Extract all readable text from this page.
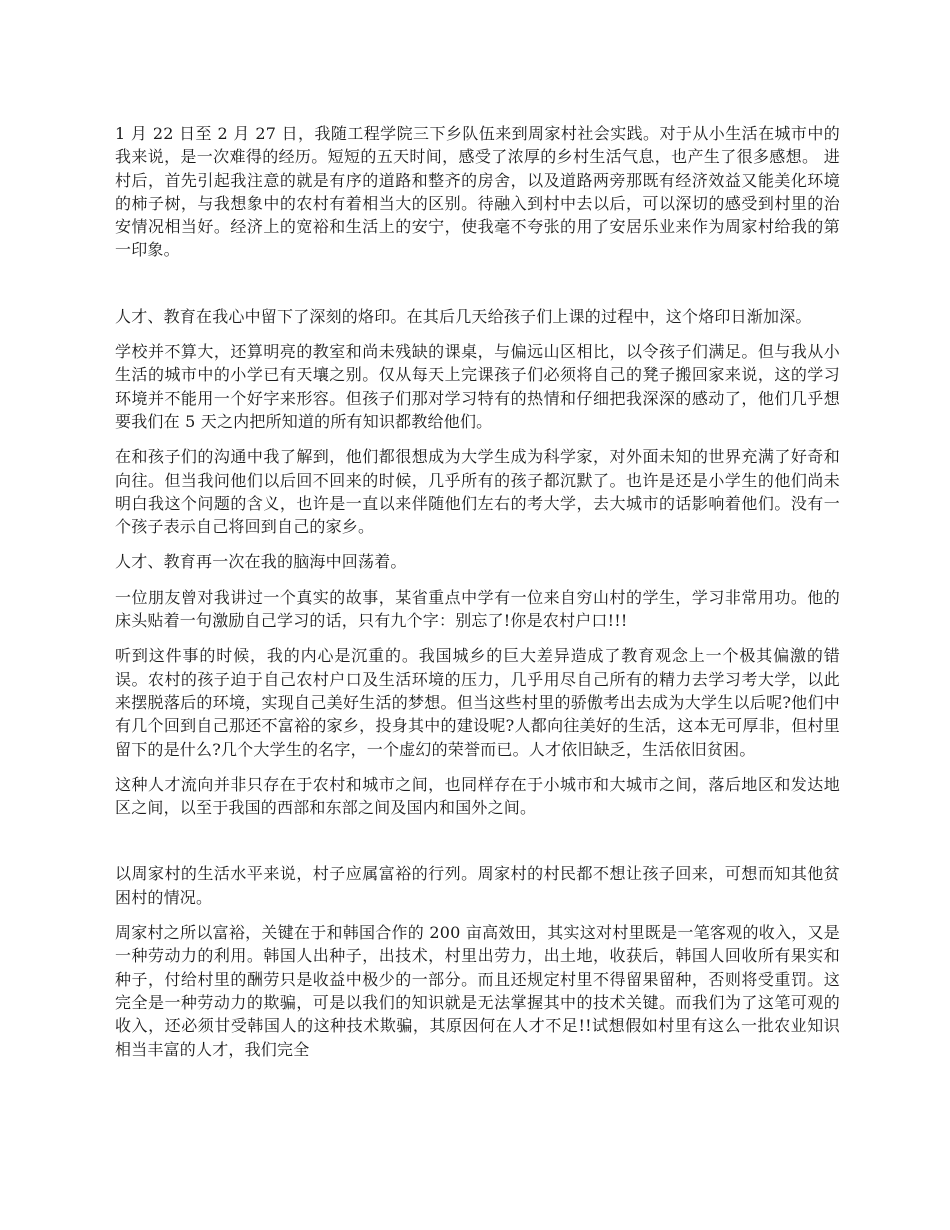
1 月 22 日至 2 月 27 日，我随工程学院三下乡队伍来到周家村社会实践。对于从小生活在城市中的我来说，是一次难得的经历。短短的五天时间，感受了浓厚的乡村生活气息，也产生了很多感想。 进村后，首先引起我注意的就是有序的道路和整齐的房舍，以及道路两旁那既有经济效益又能美化环境的柿子树，与我想象中的农村有着相当大的区别。待融入到村中去以后，可以深切的感受到村里的治安情况相当好。经济上的宽裕和生活上的安宁，使我毫不夸张的用了安居乐业来作为周家村给我的第一印象。

人才、教育在我心中留下了深刻的烙印。在其后几天给孩子们上课的过程中，这个烙印日渐加深。

学校并不算大，还算明亮的教室和尚未残缺的课桌，与偏远山区相比，以令孩子们满足。但与我从小生活的城市中的小学已有天壤之别。仅从每天上完课孩子们必须将自己的凳子搬回家来说，这的学习环境并不能用一个好字来形容。但孩子们那对学习特有的热情和仔细把我深深的感动了，他们几乎想要我们在 5 天之内把所知道的所有知识都教给他们。

在和孩子们的沟通中我了解到，他们都很想成为大学生成为科学家，对外面未知的世界充满了好奇和向往。但当我问他们以后回不回来的时候，几乎所有的孩子都沉默了。也许是还是小学生的他们尚未明白我这个问题的含义，也许是一直以来伴随他们左右的考大学，去大城市的话影响着他们。没有一个孩子表示自己将回到自己的家乡。

人才、教育再一次在我的脑海中回荡着。

一位朋友曾对我讲过一个真实的故事，某省重点中学有一位来自穷山村的学生，学习非常用功。他的床头贴着一句激励自己学习的话，只有九个字：别忘了!你是农村户口!!!

听到这件事的时候，我的内心是沉重的。我国城乡的巨大差异造成了教育观念上一个极其偏激的错误。农村的孩子迫于自己农村户口及生活环境的压力，几乎用尽自己所有的精力去学习考大学，以此来摆脱落后的环境，实现自己美好生活的梦想。但当这些村里的骄傲考出去成为大学生以后呢?他们中有几个回到自己那还不富裕的家乡，投身其中的建设呢?人都向往美好的生活，这本无可厚非，但村里留下的是什么?几个大学生的名字，一个虚幻的荣誉而已。人才依旧缺乏，生活依旧贫困。

这种人才流向并非只存在于农村和城市之间，也同样存在于小城市和大城市之间，落后地区和发达地区之间，以至于我国的西部和东部之间及国内和国外之间。

以周家村的生活水平来说，村子应属富裕的行列。周家村的村民都不想让孩子回来，可想而知其他贫困村的情况。

周家村之所以富裕，关键在于和韩国合作的 200 亩高效田，其实这对村里既是一笔客观的收入，又是一种劳动力的利用。韩国人出种子，出技术，村里出劳力，出土地，收获后，韩国人回收所有果实和种子，付给村里的酬劳只是收益中极少的一部分。而且还规定村里不得留果留种，否则将受重罚。这完全是一种劳动力的欺骗，可是以我们的知识就是无法掌握其中的技术关键。而我们为了这笔可观的收入，还必须甘受韩国人的这种技术欺骗，其原因何在人才不足!!试想假如村里有这么一批农业知识相当丰富的人才，我们完全
